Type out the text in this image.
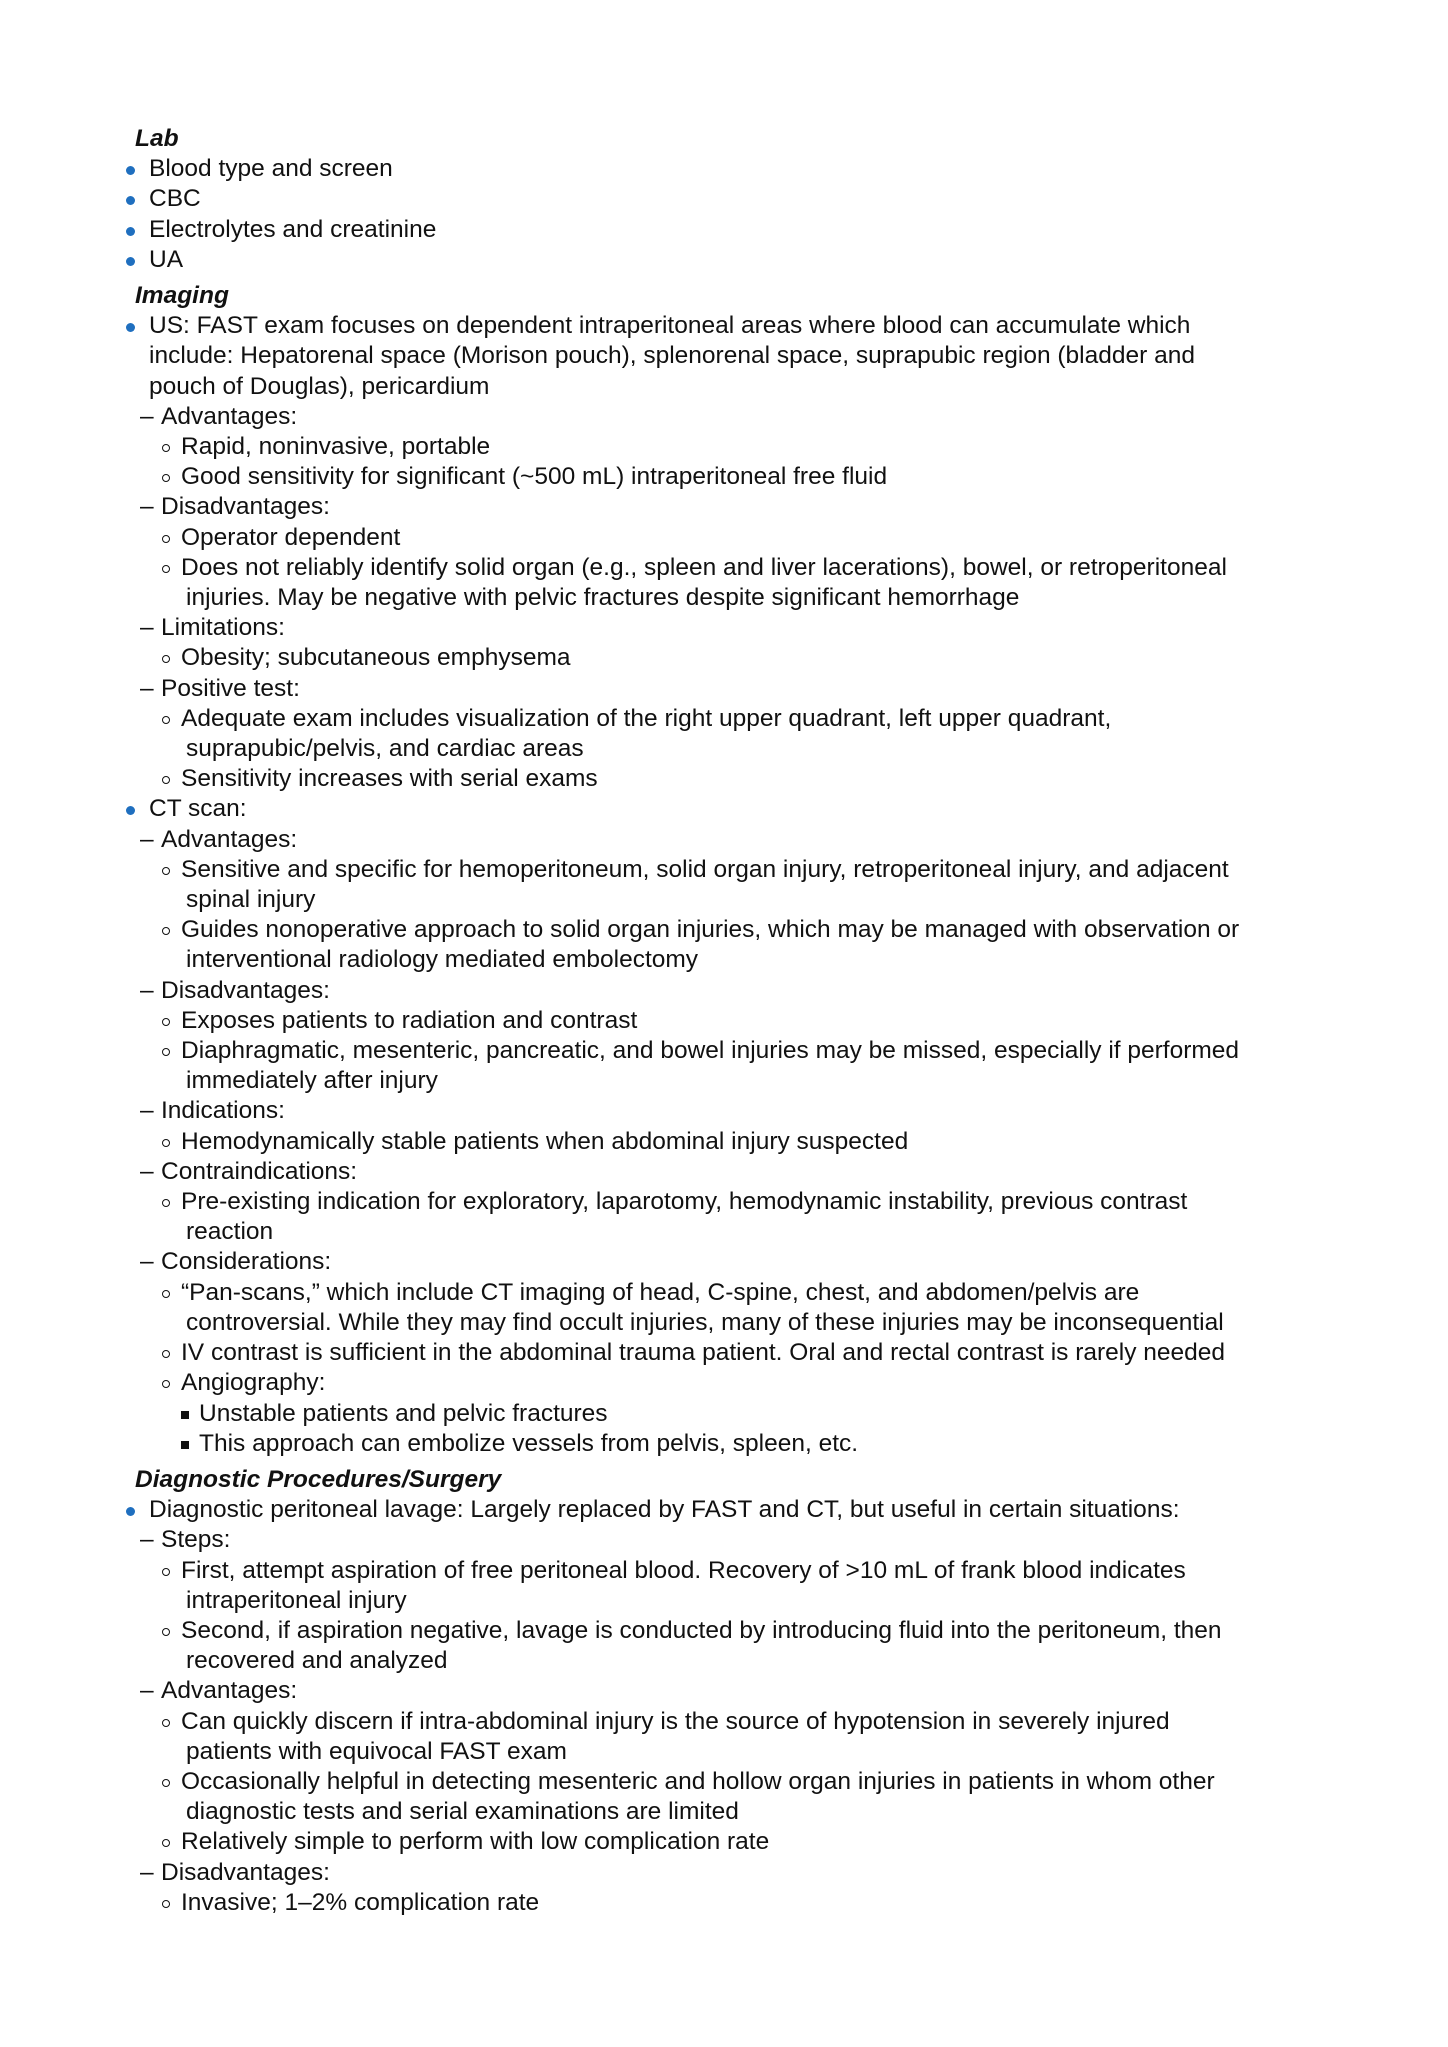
Lab
Blood type and screen
CBC
Electrolytes and creatinine
UA
Imaging
US: FAST exam focuses on dependent intraperitoneal areas where blood can accumulate which
include: Hepatorenal space (Morison pouch), splenorenal space, suprapubic region (bladder and
pouch of Douglas), pericardium
– Advantages:
Rapid, noninvasive, portable
Good sensitivity for significant (~500 mL) intraperitoneal free fluid
– Disadvantages:
Operator dependent
Does not reliably identify solid organ (e.g., spleen and liver lacerations), bowel, or retroperitoneal
injuries. May be negative with pelvic fractures despite significant hemorrhage
– Limitations:
Obesity; subcutaneous emphysema
– Positive test:
Adequate exam includes visualization of the right upper quadrant, left upper quadrant,
suprapubic/pelvis, and cardiac areas
Sensitivity increases with serial exams
CT scan:
– Advantages:
Sensitive and specific for hemoperitoneum, solid organ injury, retroperitoneal injury, and adjacent
spinal injury
Guides nonoperative approach to solid organ injuries, which may be managed with observation or
interventional radiology mediated embolectomy
– Disadvantages:
Exposes patients to radiation and contrast
Diaphragmatic, mesenteric, pancreatic, and bowel injuries may be missed, especially if performed
immediately after injury
– Indications:
Hemodynamically stable patients when abdominal injury suspected
– Contraindications:
Pre-existing indication for exploratory, laparotomy, hemodynamic instability, previous contrast
reaction
– Considerations:
“Pan-scans,” which include CT imaging of head, C-spine, chest, and abdomen/pelvis are
controversial. While they may find occult injuries, many of these injuries may be inconsequential
IV contrast is sufficient in the abdominal trauma patient. Oral and rectal contrast is rarely needed
Angiography:
Unstable patients and pelvic fractures
This approach can embolize vessels from pelvis, spleen, etc.
Diagnostic Procedures/Surgery
Diagnostic peritoneal lavage: Largely replaced by FAST and CT, but useful in certain situations:
– Steps:
First, attempt aspiration of free peritoneal blood. Recovery of >10 mL of frank blood indicates
intraperitoneal injury
Second, if aspiration negative, lavage is conducted by introducing fluid into the peritoneum, then
recovered and analyzed
– Advantages:
Can quickly discern if intra-abdominal injury is the source of hypotension in severely injured
patients with equivocal FAST exam
Occasionally helpful in detecting mesenteric and hollow organ injuries in patients in whom other
diagnostic tests and serial examinations are limited
Relatively simple to perform with low complication rate
– Disadvantages:
Invasive; 1–2% complication rate
